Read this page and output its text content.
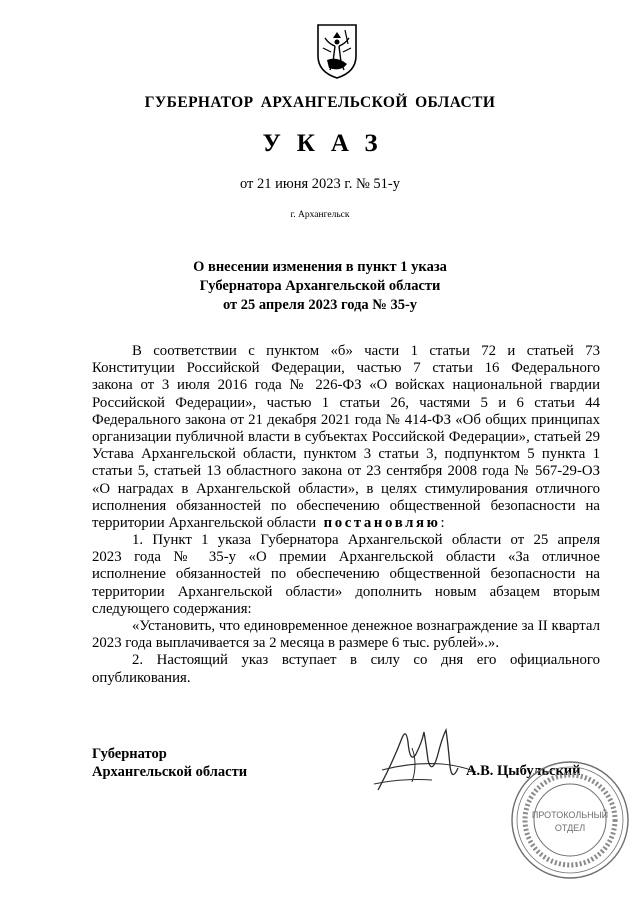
ГУБЕРНАТОР АРХАНГЕЛЬСКОЙ ОБЛАСТИ
УКАЗ
от 21 июня 2023 г. № 51-у
г. Архангельск
О внесении изменения в пункт 1 указа
Губернатора Архангельской области
от 25 апреля 2023 года № 35-у
В соответствии с пунктом «б» части 1 статьи 72 и статьей 73
Конституции Российской Федерации, частью 7 статьи 16 Федерального
закона от 3 июля 2016 года № 226-ФЗ «О войсках национальной гвардии
Российской Федерации», частью 1 статьи 26, частями 5 и 6 статьи 44
Федерального закона от 21 декабря 2021 года № 414-ФЗ «Об общих принципах
организации публичной власти в субъектах Российской Федерации», статьей 29
Устава Архангельской области, пунктом 3 статьи 3, подпунктом 5 пункта 1
статьи 5, статьей 13 областного закона от 23 сентября 2008 года № 567-29-ОЗ
«О наградах в Архангельской области», в целях стимулирования отличного
исполнения обязанностей по обеспечению общественной безопасности на
территории Архангельской области постановляю:
1. Пункт 1 указа Губернатора Архангельской области от 25 апреля
2023 года № 35-у «О премии Архангельской области «За отличное
исполнение обязанностей по обеспечению общественной безопасности на
территории Архангельской области» дополнить новым абзацем вторым
следующего содержания:
«Установить, что единовременное денежное вознаграждение за II квартал
2023 года выплачивается за 2 месяца в размере 6 тыс. рублей».».
2. Настоящий указ вступает в силу со дня его официального
опубликования.
Губернатор
Архангельской области	А.В. Цыбульский
ПРОТОКОЛЬНЫЙ
ОТДЕЛ
